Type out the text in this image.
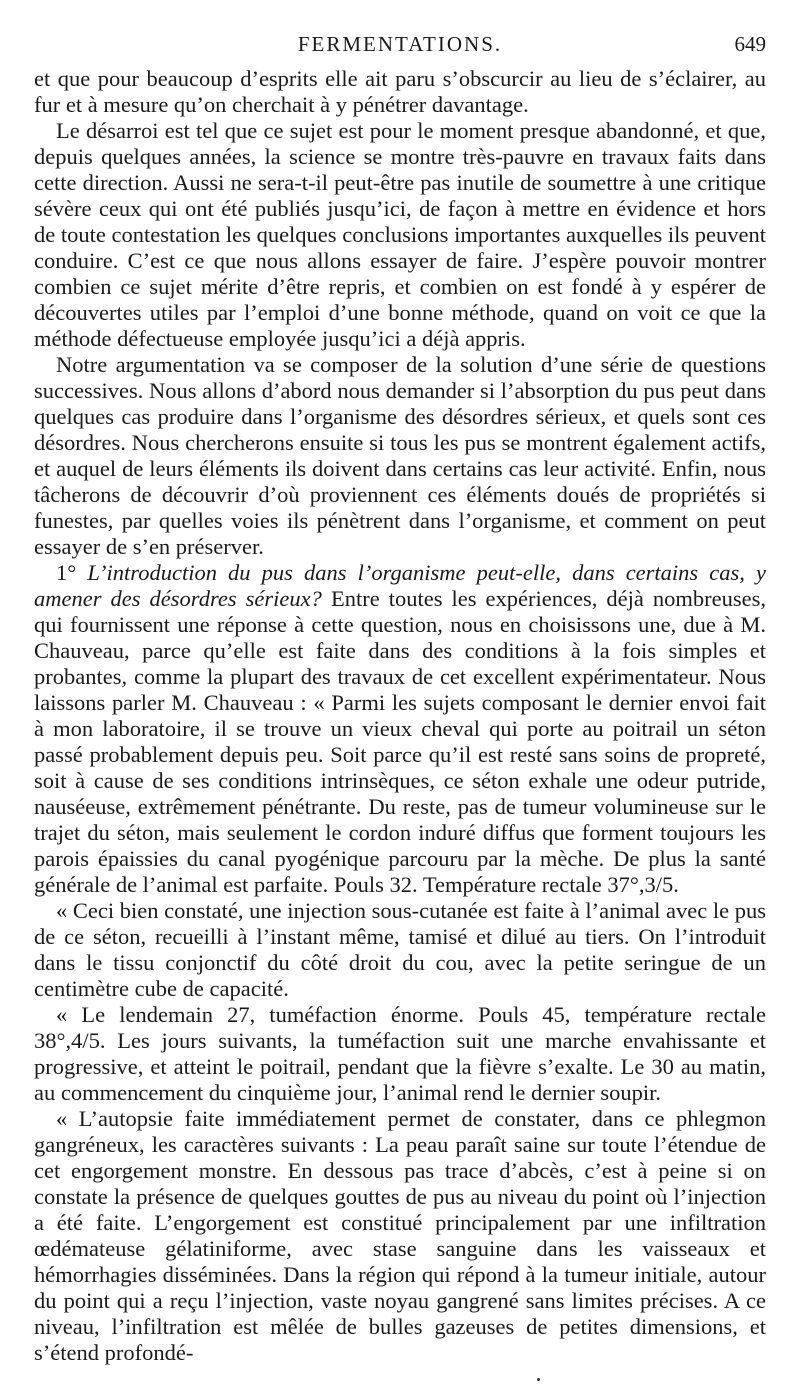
FERMENTATIONS.	649

et que pour beaucoup d’esprits elle ait paru s’obscurcir au lieu de s’éclairer, au fur et à mesure qu’on cherchait à y pénétrer davantage.

Le désarroi est tel que ce sujet est pour le moment presque abandonné, et que, depuis quelques années, la science se montre très-pauvre en travaux faits dans cette direction. Aussi ne sera-t-il peut-être pas inutile de soumettre à une critique sévère ceux qui ont été publiés jusqu’ici, de façon à mettre en évidence et hors de toute contestation les quelques conclusions importantes auxquelles ils peuvent conduire. C’est ce que nous allons essayer de faire. J’espère pouvoir montrer combien ce sujet mérite d’être repris, et combien on est fondé à y espérer de découvertes utiles par l’emploi d’une bonne méthode, quand on voit ce que la méthode défectueuse employée jusqu’ici a déjà appris.

Notre argumentation va se composer de la solution d’une série de questions successives. Nous allons d’abord nous demander si l’absorption du pus peut dans quelques cas produire dans l’organisme des désordres sérieux, et quels sont ces désordres. Nous chercherons ensuite si tous les pus se montrent également actifs, et auquel de leurs éléments ils doivent dans certains cas leur activité. Enfin, nous tâcherons de découvrir d’où proviennent ces éléments doués de propriétés si funestes, par quelles voies ils pénètrent dans l’organisme, et comment on peut essayer de s’en préserver.

1° L’introduction du pus dans l’organisme peut-elle, dans certains cas, y amener des désordres sérieux? Entre toutes les expériences, déjà nombreuses, qui fournissent une réponse à cette question, nous en choisissons une, due à M. Chauveau, parce qu’elle est faite dans des conditions à la fois simples et probantes, comme la plupart des travaux de cet excellent expérimentateur. Nous laissons parler M. Chauveau : « Parmi les sujets composant le dernier envoi fait à mon laboratoire, il se trouve un vieux cheval qui porte au poitrail un séton passé probablement depuis peu. Soit parce qu’il est resté sans soins de propreté, soit à cause de ses conditions intrinsèques, ce séton exhale une odeur putride, nauséeuse, extrêmement pénétrante. Du reste, pas de tumeur volumineuse sur le trajet du séton, mais seulement le cordon induré diffus que forment toujours les parois épaissies du canal pyogénique parcouru par la mèche. De plus la santé générale de l’animal est parfaite. Pouls 32. Température rectale 37°,3/5.

« Ceci bien constaté, une injection sous-cutanée est faite à l’animal avec le pus de ce séton, recueilli à l’instant même, tamisé et dilué au tiers. On l’introduit dans le tissu conjonctif du côté droit du cou, avec la petite seringue de un centimètre cube de capacité.

« Le lendemain 27, tuméfaction énorme. Pouls 45, température rectale 38°,4/5. Les jours suivants, la tuméfaction suit une marche envahissante et progressive, et atteint le poitrail, pendant que la fièvre s’exalte. Le 30 au matin, au commencement du cinquième jour, l’animal rend le dernier soupir.

« L’autopsie faite immédiatement permet de constater, dans ce phlegmon gangréneux, les caractères suivants : La peau paraît saine sur toute l’étendue de cet engorgement monstre. En dessous pas trace d’abcès, c’est à peine si on constate la présence de quelques gouttes de pus au niveau du point où l’injection a été faite. L’engorgement est constitué principalement par une infiltration œdémateuse gélatiniforme, avec stase sanguine dans les vaisseaux et hémorrhagies disséminées. Dans la région qui répond à la tumeur initiale, autour du point qui a reçu l’injection, vaste noyau gangrené sans limites précises. A ce niveau, l’infiltration est mêlée de bulles gazeuses de petites dimensions, et s’étend profondé-
